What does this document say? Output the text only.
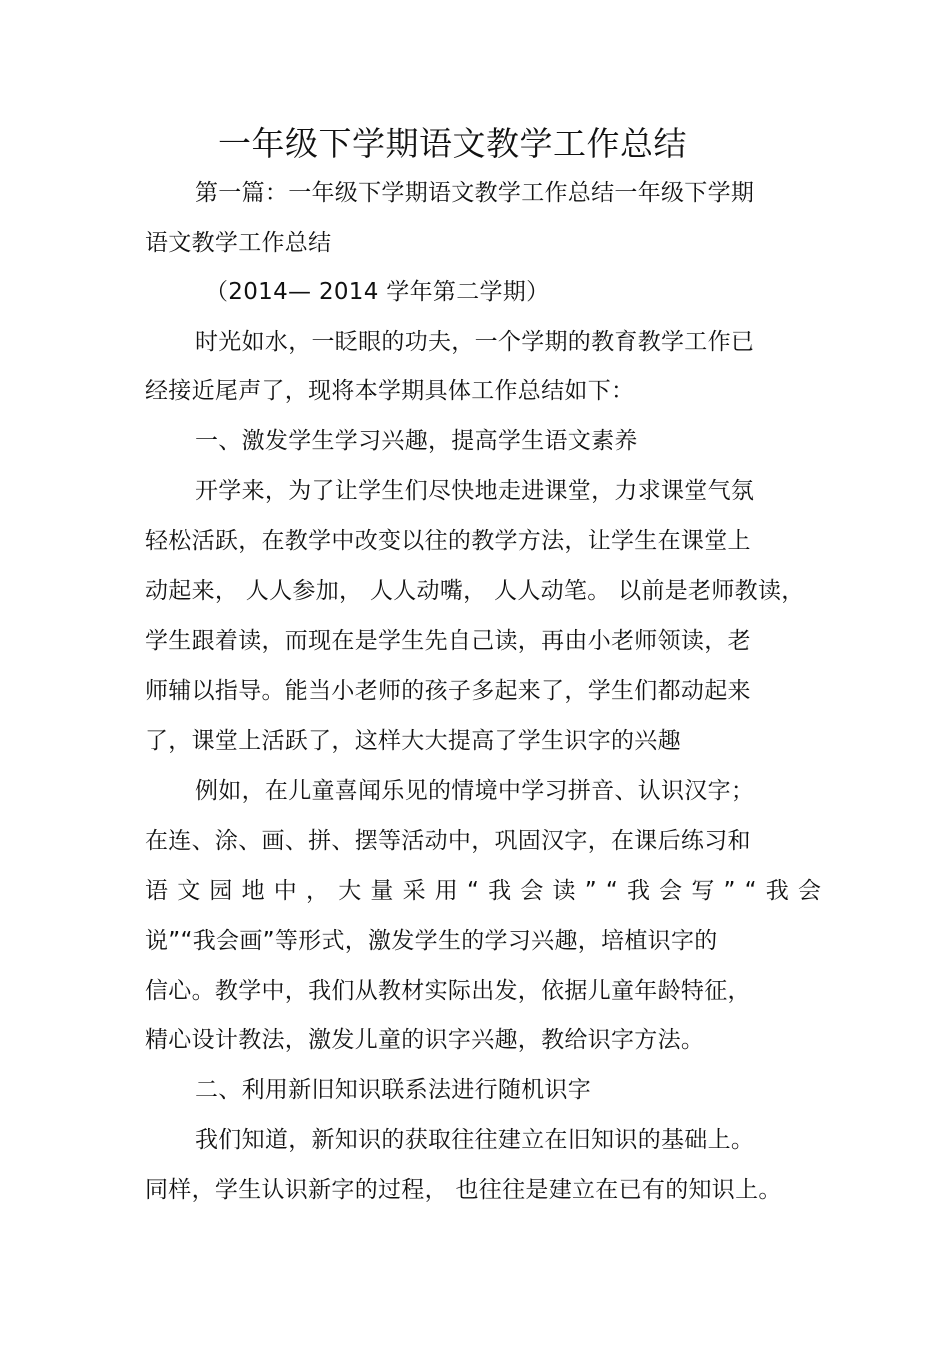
一年级下学期语文教学工作总结
第一篇：一年级下学期语文教学工作总结一年级下学期
语文教学工作总结
（2014— 2014 学年第二学期）
时光如水，一眨眼的功夫，一个学期的教育教学工作已
经接近尾声了，现将本学期具体工作总结如下：
一、激发学生学习兴趣，提高学生语文素养
开学来，为了让学生们尽快地走进课堂，力求课堂气氛
轻松活跃，在教学中改变以往的教学方法，让学生在课堂上
动起来， 人人参加， 人人动嘴， 人人动笔。 以前是老师教读，
学生跟着读，而现在是学生先自己读，再由小老师领读，老
师辅以指导。能当小老师的孩子多起来了，学生们都动起来
了，课堂上活跃了，这样大大提高了学生识字的兴趣
例如，在儿童喜闻乐见的情境中学习拼音、认识汉字；
在连、涂、画、拼、摆等活动中，巩固汉字，在课后练习和
语文园地中，大量采用“我会读”“我会写”“我会
说”“我会画”等形式，激发学生的学习兴趣，培植识字的
信心。教学中，我们从教材实际出发，依据儿童年龄特征，
精心设计教法，激发儿童的识字兴趣，教给识字方法。
二、利用新旧知识联系法进行随机识字
我们知道，新知识的获取往往建立在旧知识的基础上。
同样，学生认识新字的过程， 也往往是建立在已有的知识上。
